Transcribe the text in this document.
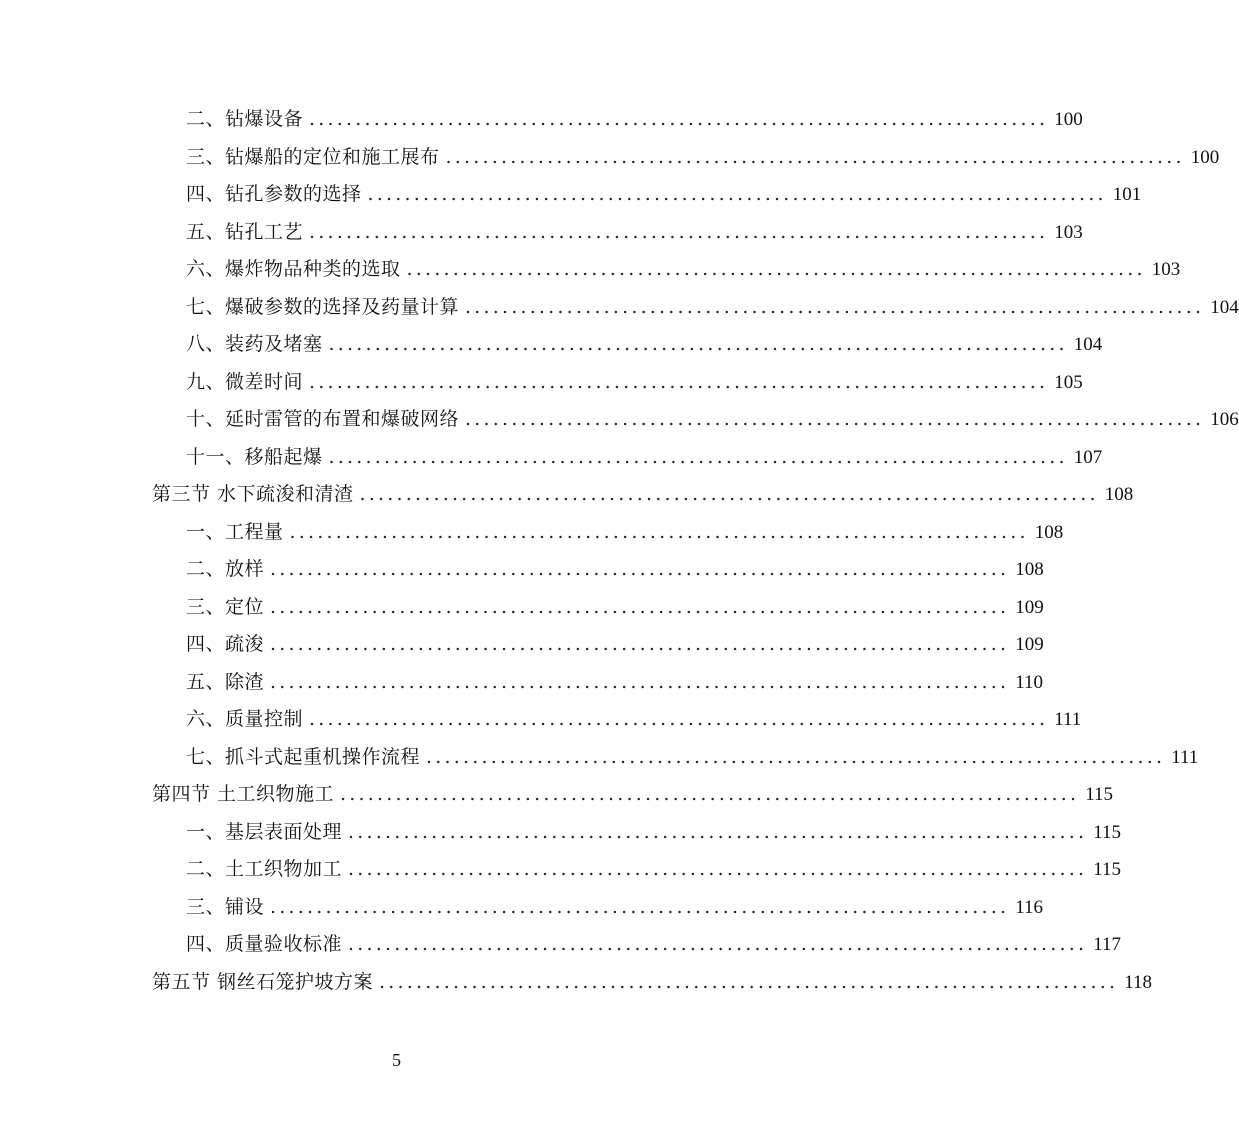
二、钻爆设备 ................................................................................ 100
三、钻爆船的定位和施工展布 ................................................................................ 100
四、钻孔参数的选择 ................................................................................ 101
五、钻孔工艺 ................................................................................ 103
六、爆炸物品种类的选取 ................................................................................ 103
七、爆破参数的选择及药量计算 ................................................................................ 104
八、装药及堵塞 ................................................................................ 104
九、微差时间 ................................................................................ 105
十、延时雷管的布置和爆破网络 ................................................................................ 106
十一、移船起爆 ................................................................................ 107
第三节 水下疏浚和清渣 ................................................................................ 108
一、工程量 ................................................................................ 108
二、放样 ................................................................................ 108
三、定位 ................................................................................ 109
四、疏浚 ................................................................................ 109
五、除渣 ................................................................................ 110
六、质量控制 ................................................................................ 111
七、抓斗式起重机操作流程 ................................................................................ 111
第四节 土工织物施工 ................................................................................ 115
一、基层表面处理 ................................................................................ 115
二、土工织物加工 ................................................................................ 115
三、铺设 ................................................................................ 116
四、质量验收标准 ................................................................................ 117
第五节 钢丝石笼护坡方案 ................................................................................ 118
5
